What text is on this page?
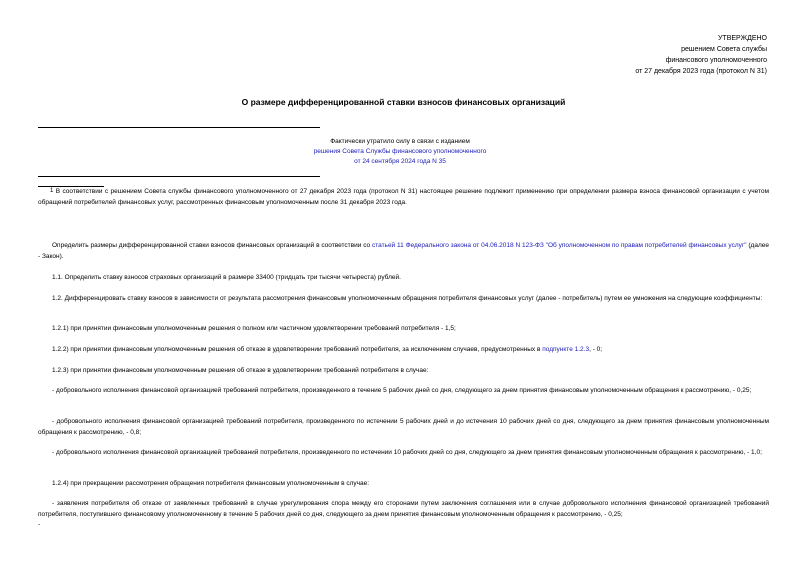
УТВЕРЖДЕНО
решением Совета службы
финансового уполномоченного
от 27 декабря 2023 года (протокол N 31)
О размере дифференцированной ставки взносов финансовых организаций
Фактически утратило силу в связи с изданием
решения Совета Службы финансового уполномоченного
от 24 сентября 2024 года N 35
1 В соответствии с решением Совета службы финансового уполномоченного от 27 декабря 2023 года (протокол N 31) настоящее решение подлежит применению при определении размера взноса финансовой организации с учетом обращений потребителей финансовых услуг, рассмотренных финансовым уполномоченным после 31 декабря 2023 года.
Определить размеры дифференцированной ставки взносов финансовых организаций в соответствии со статьей 11 Федерального закона от 04.06.2018 N 123-ФЗ "Об уполномоченном по правам потребителей финансовых услуг" (далее - Закон).
1.1. Определить ставку взносов страховых организаций в размере 33400 (тридцать три тысячи четыреста) рублей.
1.2. Дифференцировать ставку взносов в зависимости от результата рассмотрения финансовым уполномоченным обращения потребителя финансовых услуг (далее - потребитель) путем ее умножения на следующие коэффициенты:
1.2.1) при принятии финансовым уполномоченным решения о полном или частичном удовлетворении требований потребителя - 1,5;
1.2.2) при принятии финансовым уполномоченным решения об отказе в удовлетворении требований потребителя, за исключением случаев, предусмотренных в подпункте 1.2.3, - 0;
1.2.3) при принятии финансовым уполномоченным решения об отказе в удовлетворении требований потребителя в случае:
- добровольного исполнения финансовой организацией требований потребителя, произведенного в течение 5 рабочих дней со дня, следующего за днем принятия финансовым уполномоченным обращения к рассмотрению, - 0,25;
- добровольного исполнения финансовой организацией требований потребителя, произведенного по истечении 5 рабочих дней и до истечения 10 рабочих дней со дня, следующего за днем принятия финансовым уполномоченным обращения к рассмотрению, - 0,8;
- добровольного исполнения финансовой организацией требований потребителя, произведенного по истечении 10 рабочих дней со дня, следующего за днем принятия финансовым уполномоченным обращения к рассмотрению, - 1,0;
1.2.4) при прекращении рассмотрения обращения потребителя финансовым уполномоченным в случае:
- заявления потребителя об отказе от заявленных требований в случае урегулирования спора между его сторонами путем заключения соглашения или в случае добровольного исполнения финансовой организацией требований потребителя, поступившего финансовому уполномоченному в течение 5 рабочих дней со дня, следующего за днем принятия финансовым уполномоченным обращения к рассмотрению, - 0,25;
-
